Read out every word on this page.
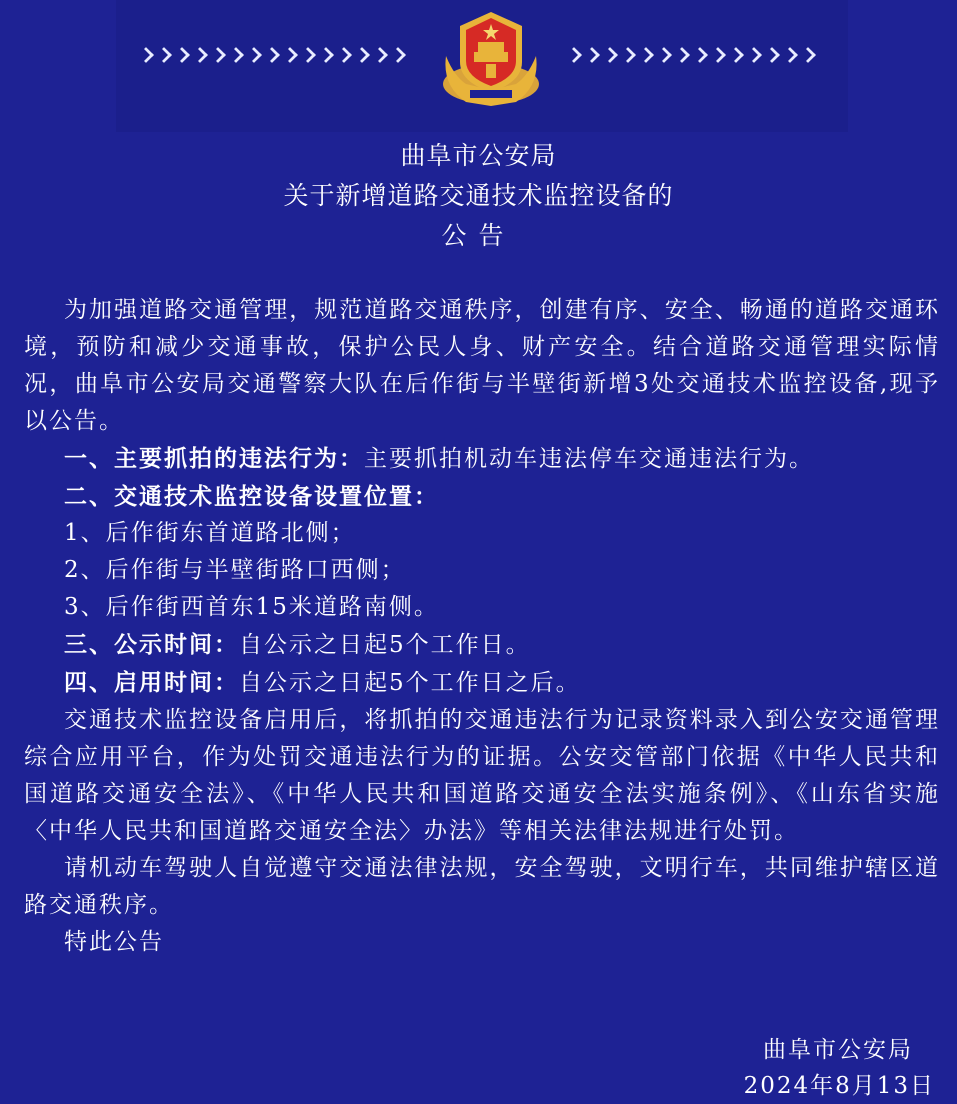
曲阜市公安局
关于新增道路交通技术监控设备的
公告

为加强道路交通管理，规范道路交通秩序，创建有序、安全、畅通的道路交通环境，预防和减少交通事故，保护公民人身、财产安全。结合道路交通管理实际情况，曲阜市公安局交通警察大队在后作街与半壁街新增3处交通技术监控设备,现予以公告。

一、主要抓拍的违法行为：主要抓拍机动车违法停车交通违法行为。

二、交通技术监控设备设置位置：

1、后作街东首道路北侧；

2、后作街与半壁街路口西侧；

3、后作街西首东15米道路南侧。

三、公示时间：自公示之日起5个工作日。

四、启用时间：自公示之日起5个工作日之后。

交通技术监控设备启用后，将抓拍的交通违法行为记录资料录入到公安交通管理综合应用平台，作为处罚交通违法行为的证据。公安交管部门依据《中华人民共和国道路交通安全法》、《中华人民共和国道路交通安全法实施条例》、《山东省实施〈中华人民共和国道路交通安全法〉办法》等相关法律法规进行处罚。

请机动车驾驶人自觉遵守交通法律法规，安全驾驶，文明行车，共同维护辖区道路交通秩序。

特此公告

曲阜市公安局
2024年8月13日
